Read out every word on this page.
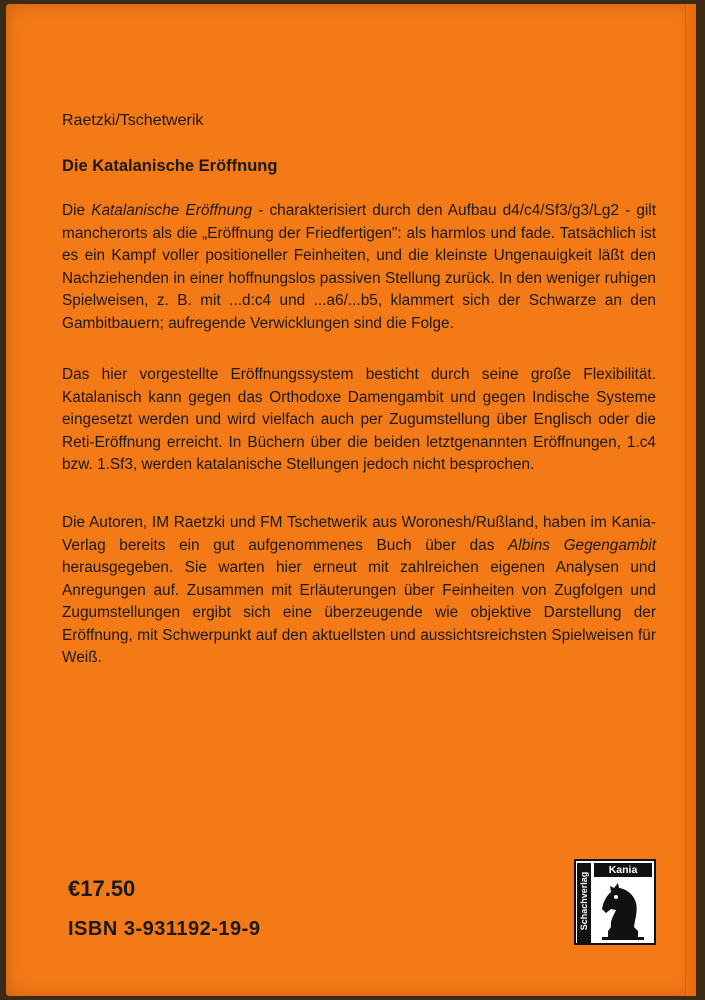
Raetzki/Tschetwerik
Die Katalanische Eröffnung

Die Katalanische Eröffnung - charakterisiert durch den Aufbau d4/c4/Sf3/g3/Lg2 - gilt mancherorts als die „Eröffnung der Friedfertigen": als harmlos und fade. Tatsächlich ist es ein Kampf voller positioneller Feinheiten, und die kleinste Ungenauigkeit läßt den Nachziehenden in einer hoffnungslos passiven Stellung zurück. In den weniger ruhigen Spielweisen, z. B. mit ...d:c4 und ...a6/...b5, klammert sich der Schwarze an den Gambitbauern; aufregende Verwicklungen sind die Folge.

Das hier vorgestellte Eröffnungssystem besticht durch seine große Flexibilität. Katalanisch kann gegen das Orthodoxe Damengambit und gegen Indische Systeme eingesetzt werden und wird vielfach auch per Zugumstellung über Englisch oder die Reti-Eröffnung erreicht. In Büchern über die beiden letztgenannten Eröffnungen, 1.c4 bzw. 1.Sf3, werden katalanische Stellungen jedoch nicht besprochen.

Die Autoren, IM Raetzki und FM Tschetwerik aus Woronesh/Rußland, haben im Kania-Verlag bereits ein gut aufgenommenes Buch über das Albins Gegengambit herausgegeben. Sie warten hier erneut mit zahlreichen eigenen Analysen und Anregungen auf. Zusammen mit Erläuterungen über Feinheiten von Zugfolgen und Zugumstellungen ergibt sich eine überzeugende wie objektive Darstellung der Eröffnung, mit Schwerpunkt auf den aktuellsten und aussichtsreichsten Spielweisen für Weiß.

€17.50
ISBN 3-931192-19-9	Schachverlag
Kania
